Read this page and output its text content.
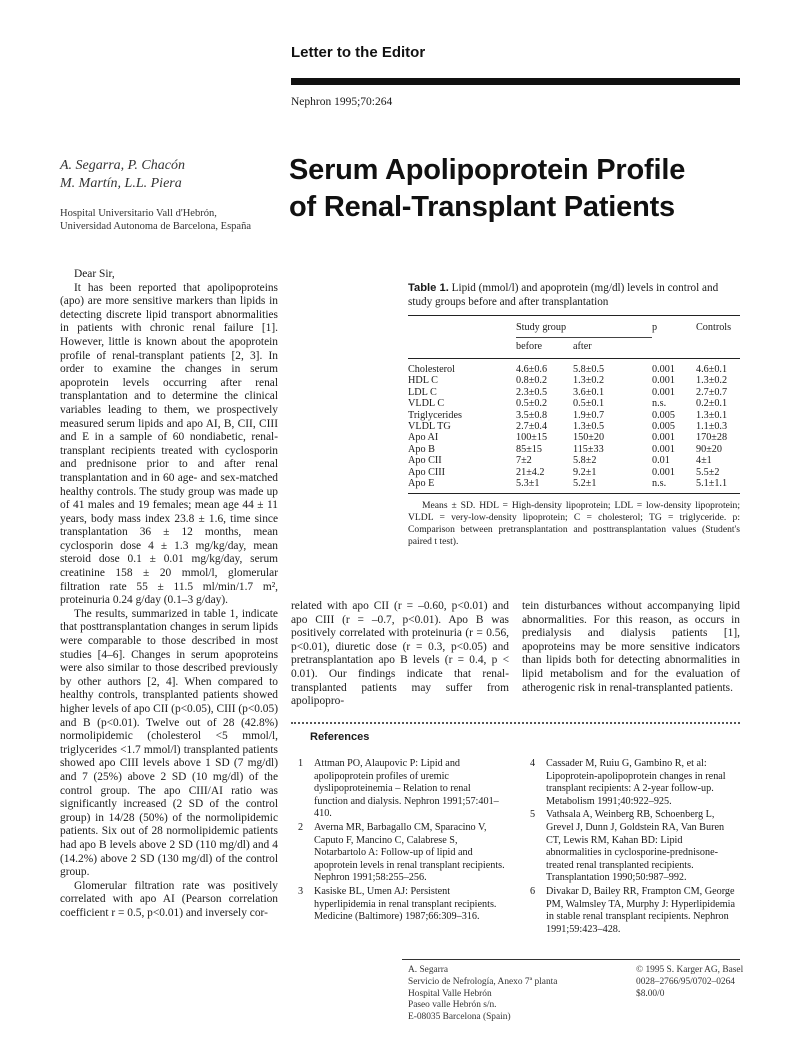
Letter to the Editor
Nephron 1995;70:264
A. Segarra, P. Chacón
M. Martín, L.L. Piera
Hospital Universitario Vall d'Hebrón,
Universidad Autonoma de Barcelona, España
Serum Apolipoprotein Profile
of Renal-Transplant Patients

Dear Sir,

It has been reported that apolipoproteins (apo) are more sensitive markers than lipids in detecting discrete lipid transport abnormalities in patients with chronic renal failure [1]. However, little is known about the apoprotein profile of renal-transplant patients [2, 3]. In order to examine the changes in serum apoprotein levels occurring after renal transplantation and to determine the clinical variables leading to them, we prospectively measured serum lipids and apo AI, B, CII, CIII and E in a sample of 60 nondiabetic, renal-transplant recipients treated with cyclosporin and prednisone prior to and after renal transplantation and in 60 age- and sex-matched healthy controls. The study group was made up of 41 males and 19 females; mean age 44 ± 11 years, body mass index 23.8 ± 1.6, time since transplantation 36 ± 12 months, mean cyclosporin dose 4 ± 1.3 mg/kg/day, mean steroid dose 0.1 ± 0.01 mg/kg/day, serum creatinine 158 ± 20 mmol/l, glomerular filtration rate 55 ± 11.5 ml/min/1.7 m², proteinuria 0.24 g/day (0.1–3 g/day).

The results, summarized in table 1, indicate that posttransplantation changes in serum lipids were comparable to those described in most studies [4–6]. Changes in serum apoproteins were also similar to those described previously by other authors [2, 4]. When compared to healthy controls, transplanted patients showed higher levels of apo CII (p<0.05), CIII (p<0.05) and B (p<0.01). Twelve out of 28 (42.8%) normolipidemic (cholesterol <5 mmol/l, triglycerides <1.7 mmol/l) transplanted patients showed apo CIII levels above 1 SD (7 mg/dl) and 7 (25%) above 2 SD (10 mg/dl) of the control group. The apo CIII/AI ratio was significantly increased (2 SD of the control group) in 14/28 (50%) of the normolipidemic patients. Six out of 28 normolipidemic patients had apo B levels above 2 SD (110 mg/dl) and 4 (14.2%) above 2 SD (130 mg/dl) of the control group.

Glomerular filtration rate was positively correlated with apo AI (Pearson correlation coefficient r = 0.5, p<0.01) and inversely cor-

Table 1. Lipid (mmol/l) and apoprotein (mg/dl) levels in control and study groups before and after transplantation
	Study group		p	Controls
	before	after		
Cholesterol	4.6±0.6	5.8±0.5	0.001	4.6±0.1
HDL C	0.8±0.2	1.3±0.2	0.001	1.3±0.2
LDL C	2.3±0.5	3.6±0.1	0.001	2.7±0.7
VLDL C	0.5±0.2	0.5±0.1	n.s.	0.2±0.1
Triglycerides	3.5±0.8	1.9±0.7	0.005	1.3±0.1
VLDL TG	2.7±0.4	1.3±0.5	0.005	1.1±0.3
Apo AI	100±15	150±20	0.001	170±28
Apo B	85±15	115±33	0.001	90±20
Apo CII	7±2	5.8±2	0.01	4±1
Apo CIII	21±4.2	9.2±1	0.001	5.5±2
Apo E	5.3±1	5.2±1	n.s.	5.1±1.1
Means ± SD. HDL = High-density lipoprotein; LDL = low-density lipoprotein; VLDL = very-low-density lipoprotein; C = cholesterol; TG = triglyceride. p: Comparison between pretransplantation and posttransplantation values (Student's paired t test).

related with apo CII (r = –0.60, p<0.01) and apo CIII (r = –0.7, p<0.01). Apo B was positively correlated with proteinuria (r = 0.56, p<0.01), diuretic dose (r = 0.3, p<0.05) and pretransplantation apo B levels (r = 0.4, p < 0.01). Our findings indicate that renal-transplanted patients may suffer from apolipopro-

tein disturbances without accompanying lipid abnormalities. For this reason, as occurs in predialysis and dialysis patients [1], apoproteins may be more sensitive indicators than lipids both for detecting abnormalities in lipid metabolism and for the evaluation of atherogenic risk in renal-transplanted patients.

References
1	Attman PO, Alaupovic P: Lipid and apolipoprotein profiles of uremic dyslipoproteinemia – Relation to renal function and dialysis. Nephron 1991;57:401–410.
2	Averna MR, Barbagallo CM, Sparacino V, Caputo F, Mancino C, Calabrese S, Notarbartolo A: Follow-up of lipid and apoprotein levels in renal transplant recipients. Nephron 1991;58:255–256.
3	Kasiske BL, Umen AJ: Persistent hyperlipidemia in renal transplant recipients. Medicine (Baltimore) 1987;66:309–316.
4	Cassader M, Ruiu G, Gambino R, et al: Lipoprotein-apolipoprotein changes in renal transplant recipients: A 2-year follow-up. Metabolism 1991;40:922–925.
5	Vathsala A, Weinberg RB, Schoenberg L, Grevel J, Dunn J, Goldstein RA, Van Buren CT, Lewis RM, Kahan BD: Lipid abnormalities in cyclosporine-prednisone-treated renal transplanted recipients. Transplantation 1990;50:987–992.
6	Divakar D, Bailey RR, Frampton CM, George PM, Walmsley TA, Murphy J: Hyperlipidemia in stable renal transplant recipients. Nephron 1991;59:423–428.
A. Segarra
Servicio de Nefrología, Anexo 7ª planta
Hospital Valle Hebrón
Paseo valle Hebrón s/n.
E-08035 Barcelona (Spain)
© 1995 S. Karger AG, Basel
0028–2766/95/0702–0264
$8.00/0
